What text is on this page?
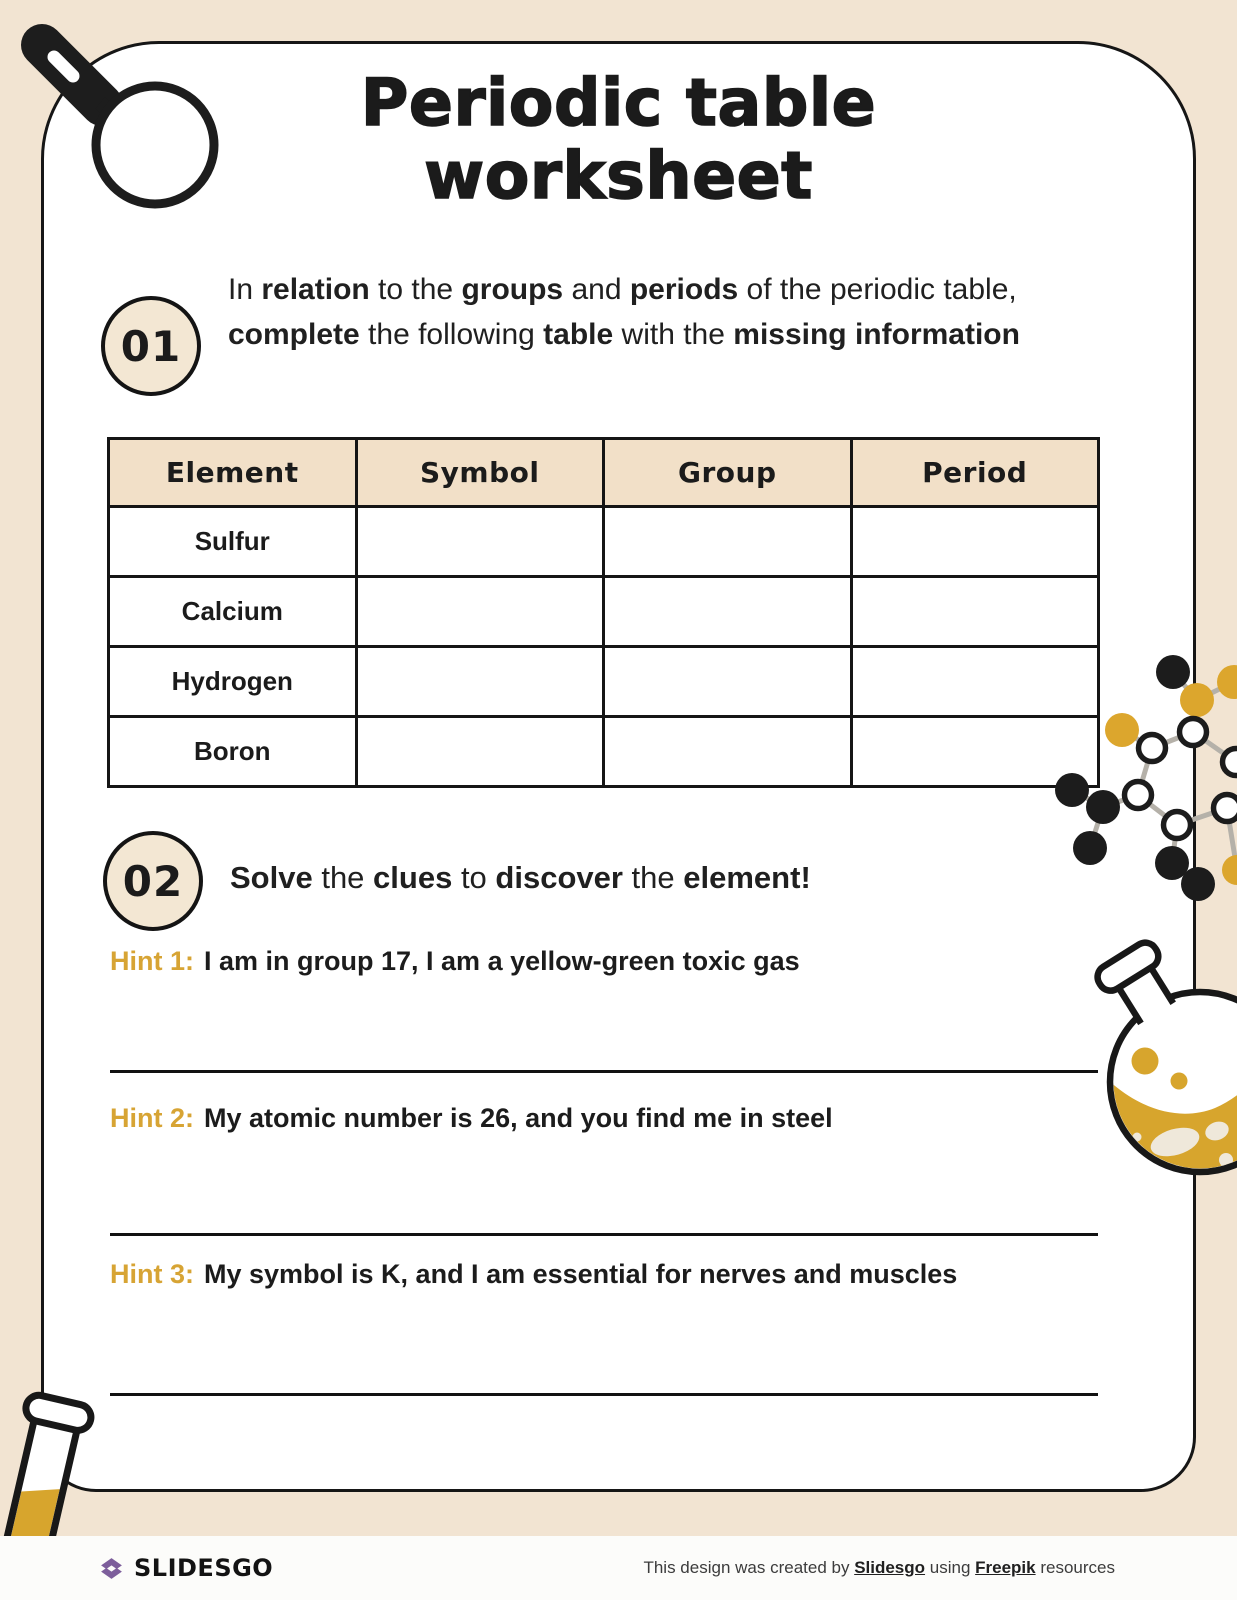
Periodic table
worksheet
01

In relation to the groups and periods of the periodic table, complete the following table with the missing information

Element	Symbol	Group	Period
Sulfur			
Calcium			
Hydrogen			
Boron			
02	Solve the clues to discover the element!

Hint 1: I am in group 17, I am a yellow-green toxic gas
Hint 2: My atomic number is 26, and you find me in steel
Hint 3: My symbol is K, and I am essential for nerves and muscles
SLIDESGO	This design was created by Slidesgo using Freepik resources
